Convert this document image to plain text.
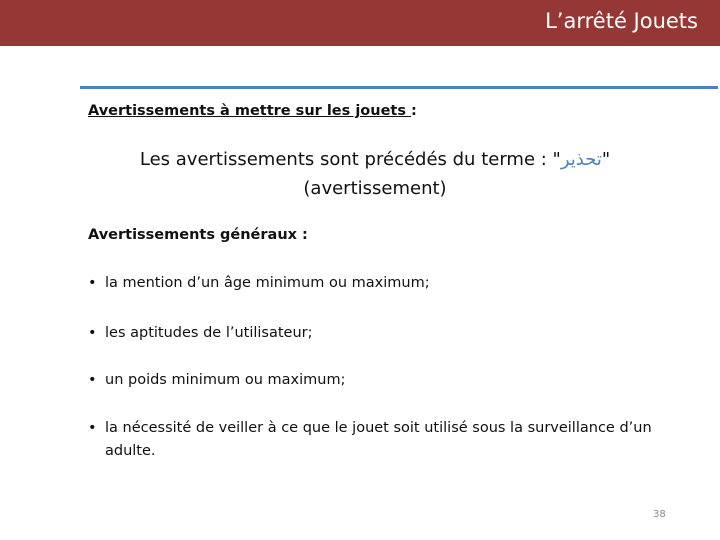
L’arrêté Jouets
Avertissements à mettre sur les jouets :
Les avertissements sont précédés du terme : "تحذير" (avertissement)
Avertissements généraux :
• la mention d’un âge minimum ou maximum;
• les aptitudes de l’utilisateur;
• un poids minimum ou maximum;
• la nécessité de veiller à ce que le jouet soit utilisé sous la surveillance d’un adulte.
38
